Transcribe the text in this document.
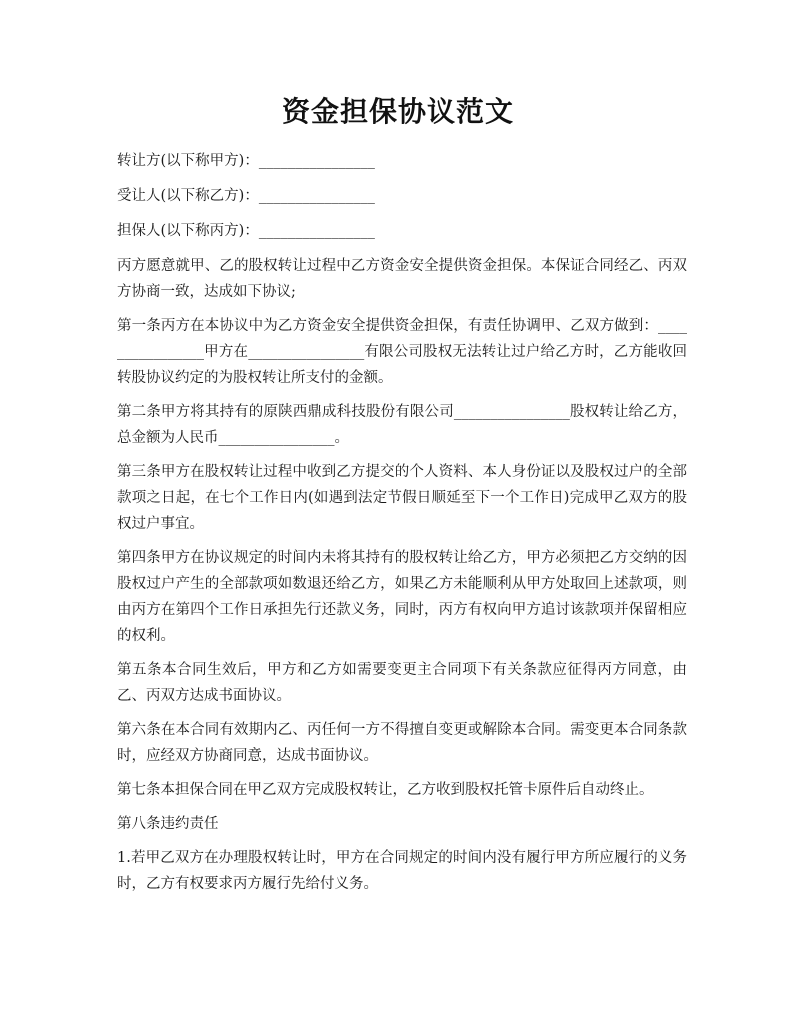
资金担保协议范文

转让方(以下称甲方)：________________

受让人(以下称乙方)：________________

担保人(以下称丙方)：________________

丙方愿意就甲、乙的股权转让过程中乙方资金安全提供资金担保。本保证合同经乙、丙双方协商一致，达成如下协议;

第一条丙方在本协议中为乙方资金安全提供资金担保，有责任协调甲、乙双方做到：________________甲方在________________有限公司股权无法转让过户给乙方时，乙方能收回转股协议约定的为股权转让所支付的金额。

第二条甲方将其持有的原陕西鼎成科技股份有限公司________________股权转让给乙方，总金额为人民币________________。

第三条甲方在股权转让过程中收到乙方提交的个人资料、本人身份证以及股权过户的全部款项之日起，在七个工作日内(如遇到法定节假日顺延至下一个工作日)完成甲乙双方的股权过户事宜。

第四条甲方在协议规定的时间内未将其持有的股权转让给乙方，甲方必须把乙方交纳的因股权过户产生的全部款项如数退还给乙方，如果乙方未能顺利从甲方处取回上述款项，则由丙方在第四个工作日承担先行还款义务，同时，丙方有权向甲方追讨该款项并保留相应的权利。

第五条本合同生效后，甲方和乙方如需要变更主合同项下有关条款应征得丙方同意，由乙、丙双方达成书面协议。

第六条在本合同有效期内乙、丙任何一方不得擅自变更或解除本合同。需变更本合同条款时，应经双方协商同意，达成书面协议。

第七条本担保合同在甲乙双方完成股权转让，乙方收到股权托管卡原件后自动终止。

第八条违约责任

1.若甲乙双方在办理股权转让时，甲方在合同规定的时间内没有履行甲方所应履行的义务时，乙方有权要求丙方履行先给付义务。
